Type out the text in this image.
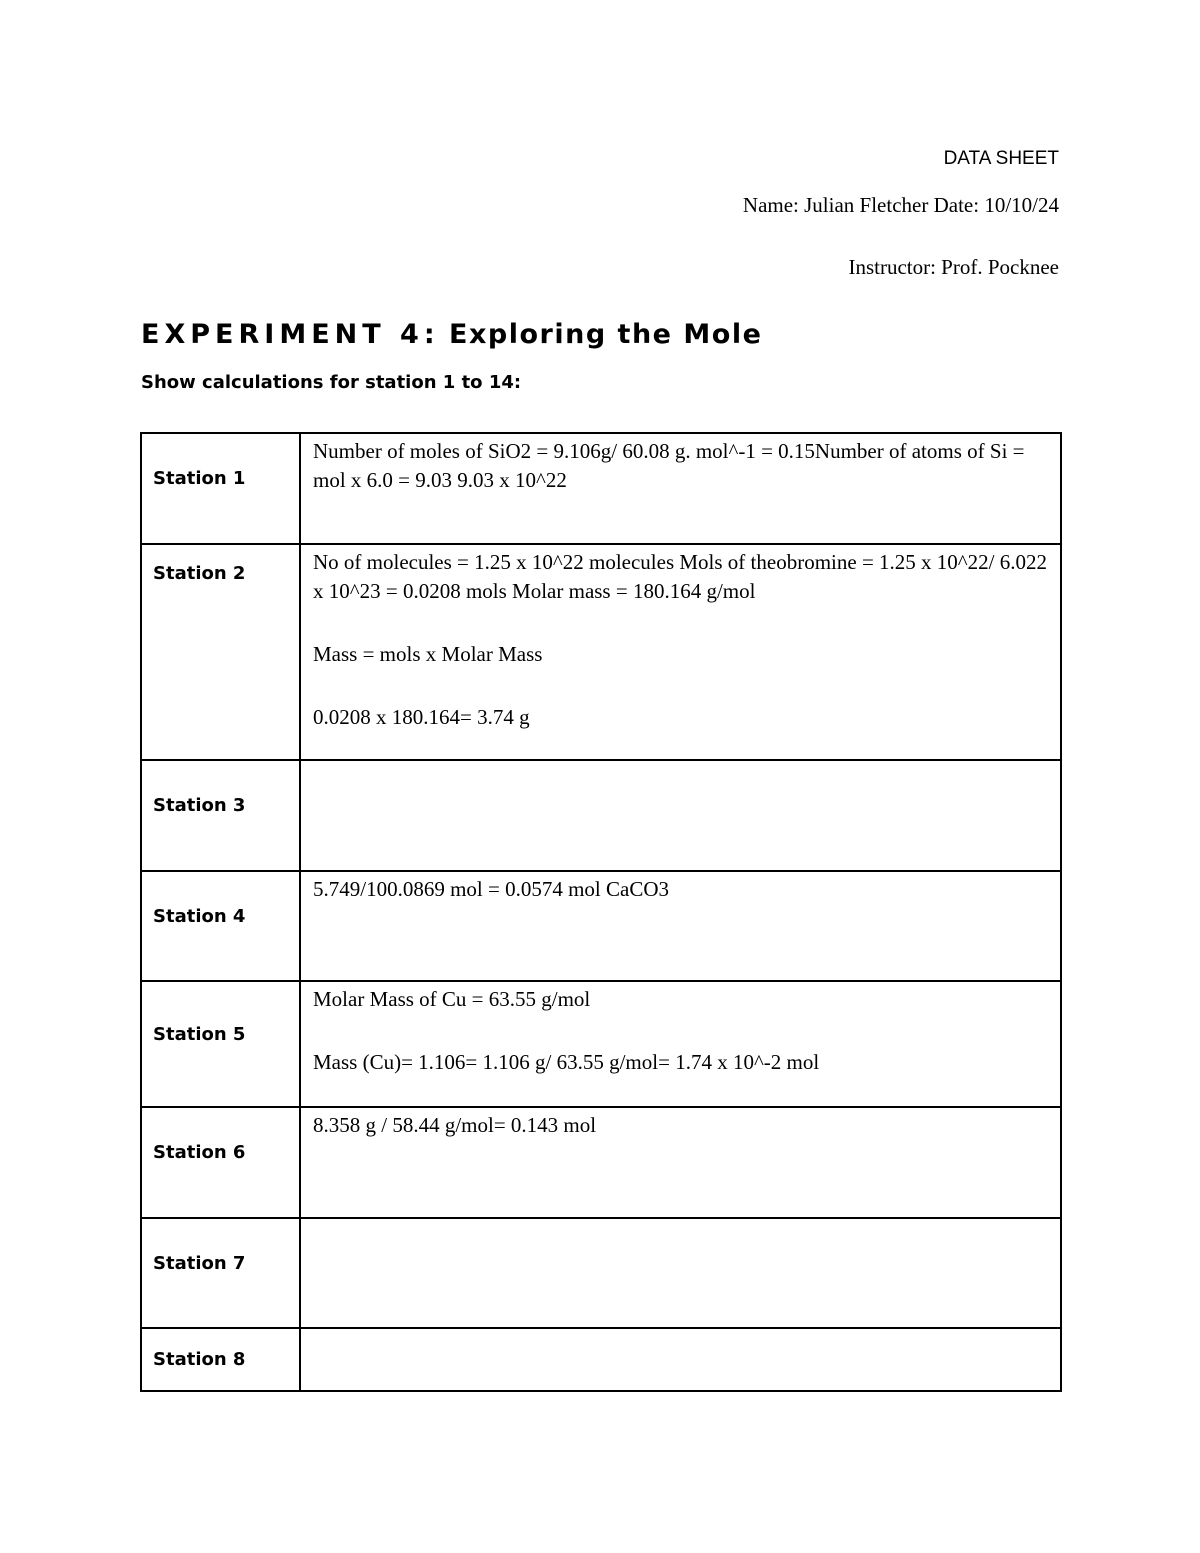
DATA SHEET
Name: Julian Fletcher Date: 10/10/24
Instructor: Prof. Pocknee
EXPERIMENT 4: Exploring the Mole
Show calculations for station 1 to 14:
Station 1	Number of moles of SiO2 = 9.106g/ 60.08 g. mol^-1 = 0.15Number of atoms of Si = mol x 6.0 = 9.03 9.03 x 10^22

Station 2	No of molecules = 1.25 x 10^22 molecules Mols of theobromine = 1.25 x 10^22/ 6.022 x 10^23 = 0.0208 mols Molar mass = 180.164 g/mol

Mass = mols x Molar Mass

0.0208 x 180.164= 3.74 g

Station 3	

Station 4	5.749/100.0869 mol = 0.0574 mol CaCO3

Station 5	Molar Mass of Cu = 63.55 g/mol

Mass (Cu)= 1.106= 1.106 g/ 63.55 g/mol= 1.74 x 10^-2 mol

Station 6	8.358 g / 58.44 g/mol= 0.143 mol

Station 7	

Station 8	
